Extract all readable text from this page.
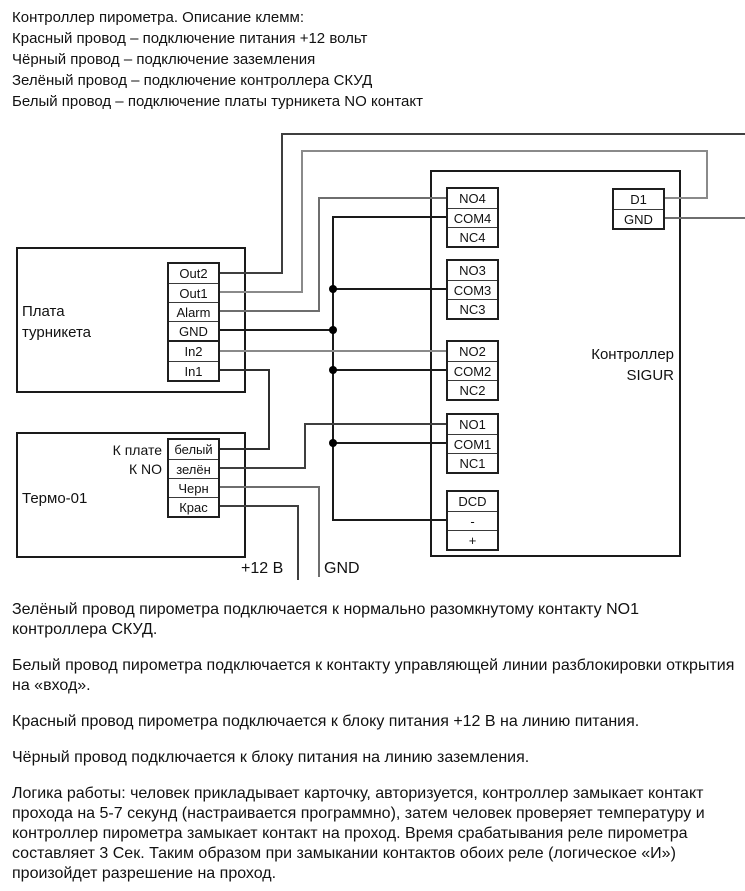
Контроллер пирометра. Описание клемм:
Красный провод – подключение питания +12 вольт
Чёрный провод – подключение заземления
Зелёный провод – подключение контроллера СКУД
Белый провод – подключение платы турникета NO контакт
Out2
Out1
Alarm
GND
In2
In1
белый
зелён
Черн
Крас
NO4
COM4
NC4
NO3
COM3
NC3
NO2
COM2
NC2
NO1
COM1
NC1
DCD
-
+
D1
GND
Плата турникета
Термо-01
Контроллер SIGUR
К плате
К NO
+12 В	GND
Зелёный провод пирометра подключается к нормально разомкнутому контакту NO1 контроллера СКУД.
Белый провод пирометра подключается к контакту управляющей линии разблокировки открытия на «вход».
Красный провод пирометра подключается к блоку питания +12 В на линию питания.
Чёрный провод подключается к блоку питания на линию заземления.
Логика работы: человек прикладывает карточку, авторизуется, контроллер замыкает контакт прохода на 5-7 секунд (настраивается программно), затем человек проверяет температуру и контроллер пирометра замыкает контакт на проход. Время срабатывания реле пирометра составляет 3 Сек. Таким образом при замыкании контактов обоих реле (логическое «И») произойдет разрешение на проход.
